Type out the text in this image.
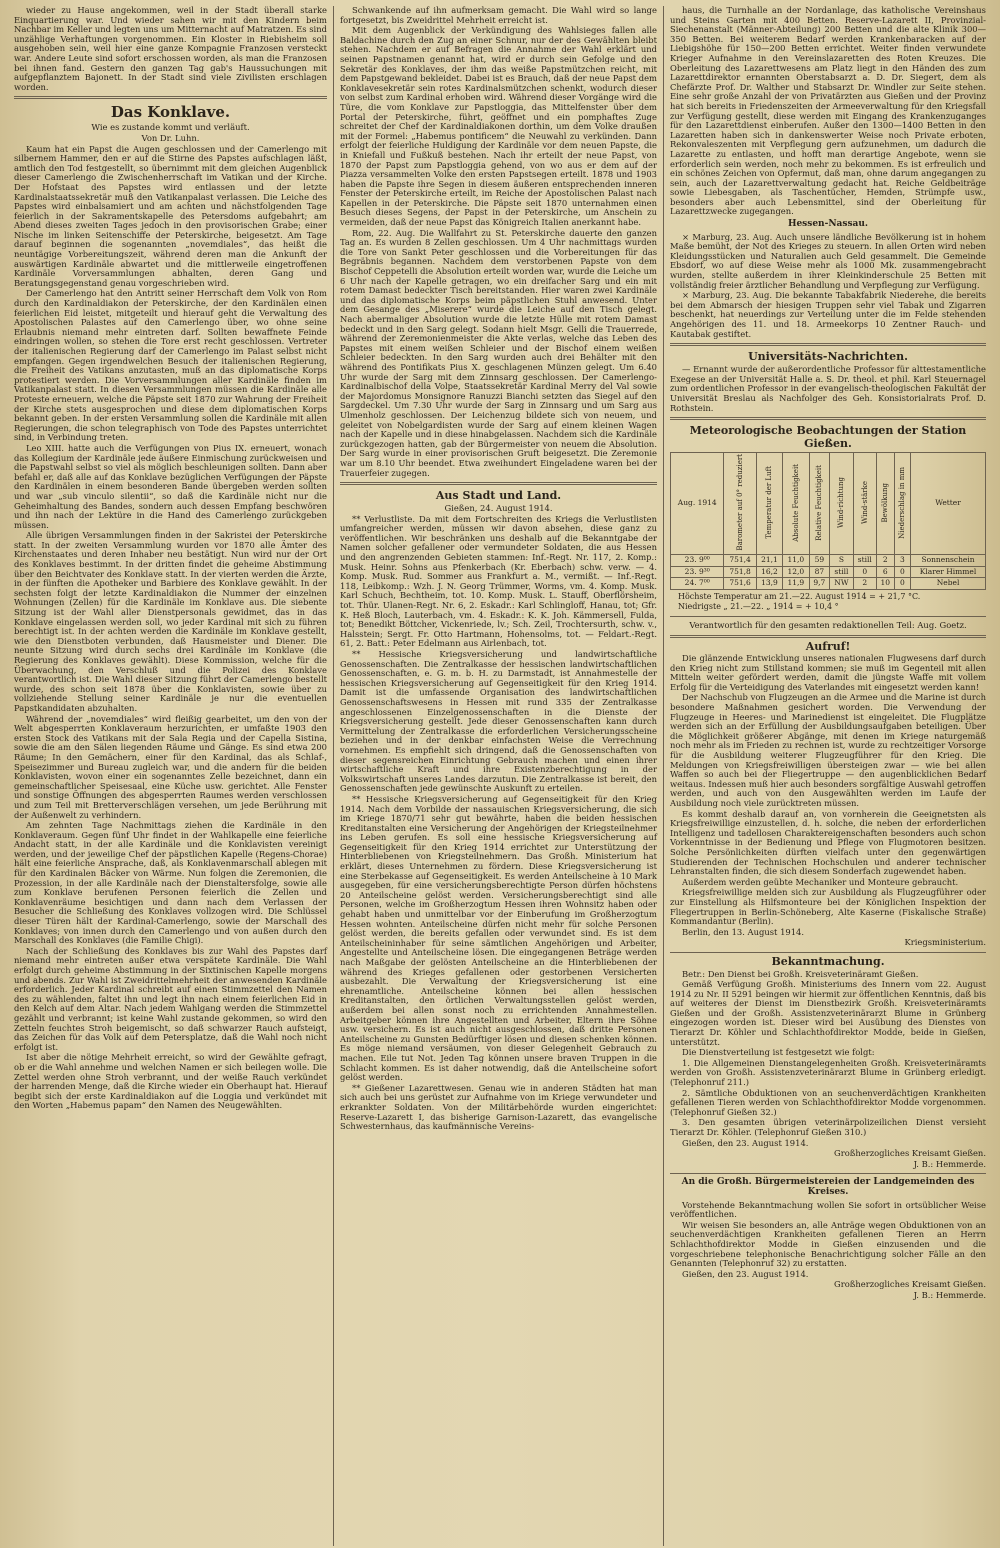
wieder zu Hause angekommen, weil in der Stadt überall starke Einquartierung war. Und wieder sahen wir mit den Kindern beim Nachbar im Keller und legten uns um Mitternacht auf Matratzen. Es sind unzählige Verhaftungen vorgenommen. Ein Kloster in Riebisheim soll ausgehoben sein, weil hier eine ganze Kompagnie Franzosen versteckt war. Andere Leute sind sofort erschossen worden, als man die Franzosen bei ihnen fand. Gestern den ganzen Tag gab's Haussuchungen mit aufgepflanztem Bajonett. In der Stadt sind viele Zivilisten erschlagen worden.

Das Konklave.

Wie es zustande kommt und verläuft.

Von Dr. Luhn.

Kaum hat ein Papst die Augen geschlossen und der Camerlengo mit silbernem Hammer, den er auf die Stirne des Papstes aufschlagen läßt, amtlich den Tod festgestellt, so übernimmt mit dem gleichen Augenblick dieser Camerlengo die Zwischenherrschaft im Vatikan und der Kirche. Der Hofstaat des Papstes wird entlassen und der letzte Kardinalstaatssekretär muß den Vatikanpalast verlassen. Die Leiche des Papstes wird einbalsamiert und am achten und nächstfolgenden Tage feierlich in der Sakramentskapelle des Petersdoms aufgebahrt; am Abend dieses zweiten Tages jedoch in den provisorischen Grabe; einer Nische im linken Seitenschiffe der Peterskirche, beigesetzt. Am Tage darauf beginnen die sogenannten „novemdiales“, das heißt die neuntägige Vorbereitungszeit, während deren man die Ankunft der auswärtigen Kardinäle abwartet und die mittlerweile eingetroffenen Kardinäle Vorversammlungen abhalten, deren Gang und Beratungsgegenstand genau vorgeschrieben wird.

Der Camerlengo hat den Antritt seiner Herrschaft dem Volk von Rom durch den Kardinaldiakon der Peterskirche, der den Kardinälen einen feierlichen Eid leistet, mitgeteilt und hierauf geht die Verwaltung des Apostolischen Palastes auf den Camerlengo über, wo ohne seine Erlaubnis niemand mehr eintreten darf. Sollten bewaffnete Feinde eindringen wollen, so stehen die Tore erst recht geschlossen. Vertreter der italienischen Regierung darf der Camerlengo im Palast selbst nicht empfangen. Gegen irgendwelchen Besuch der italienischen Regierung, die Freiheit des Vatikans anzutasten, muß an das diplomatische Korps protestiert werden. Die Vorversammlungen aller Kardinäle finden im Vatikanpalast statt. In diesen Versammlungen müssen die Kardinäle alle Proteste erneuern, welche die Päpste seit 1870 zur Wahrung der Freiheit der Kirche stets ausgesprochen und diese dem diplomatischen Korps bekannt geben. In der ersten Versammlung sollen die Kardinäle mit allen Regierungen, die schon telegraphisch von Tode des Papstes unterrichtet sind, in Verbindung treten.

Leo XIII. hatte auch die Verfügungen von Pius IX. erneuert, wonach das Kollegium der Kardinäle jede äußere Einmischung zurückweisen und die Papstwahl selbst so viel als möglich beschleunigen sollten. Dann aber befahl er, daß alle auf das Konklave bezüglichen Verfügungen der Päpste den Kardinälen in einem besonderen Bande übergeben werden sollten und war „sub vinculo silentii“, so daß die Kardinäle nicht nur die Geheimhaltung des Bandes, sondern auch dessen Empfang beschwören und ihn nach der Lektüre in die Hand des Camerlengo zurückgeben müssen.

Alle übrigen Versammlungen finden in der Sakristei der Peterskirche statt. In der zweiten Versammlung wurden vor 1870 alle Ämter des Kirchenstaates und deren Inhaber neu bestätigt. Nun wird nur der Ort des Konklaves bestimmt. In der dritten findet die geheime Abstimmung über den Beichtvater des Konklave statt. In der vierten werden die Ärzte, in der fünften die Apotheker und Barbiere des Konklave gewählt. In der sechsten folgt der letzte Kardinaldiakon die Nummer der einzelnen Wohnungen (Zellen) für die Kardinäle im Konklave aus. Die siebente Sitzung ist der Wahl aller Dienstpersonals gewidmet, das in das Konklave eingelassen werden soll, wo jeder Kardinal mit sich zu führen berechtigt ist. In der achten werden die Kardinäle im Konklave gestellt, wie den Dienstboten verbunden, daß Hausmeister und Diener. Die neunte Sitzung wird durch sechs drei Kardinäle im Konklave (die Regierung des Konklaves gewählt). Diese Kommission, welche für die Überwachung, den Verschluß und die Polizei des Konklave verantwortlich ist. Die Wahl dieser Sitzung führt der Camerlengo bestellt wurde, des schon seit 1878 über die Konklavisten, sowie über zu vollziehende Stellung seiner Kardinäle je nur die eventuellen Papstkandidaten abzuhalten.

Während der „novemdiales“ wird fleißig gearbeitet, um den von der Welt abgesperrten Konklaveraum herzurichten, er umfaßte 1903 den ersten Stock des Vatikans mit der Sala Regia und der Capella Sistina, sowie die am den Sälen liegenden Räume und Gänge. Es sind etwa 200 Räume; In den Gemächern, einer für den Kardinal, das als Schlaf-, Speisezimmer und Bureau zugleich war, und die andern für die beiden Konklavisten, wovon einer ein sogenanntes Zelle bezeichnet, dann ein gemeinschaftlicher Speisesaal, eine Küche usw. gerichtet. Alle Fenster und sonstige Öffnungen des abgesperrten Raumes werden verschlossen und zum Teil mit Bretterverschlägen versehen, um jede Berührung mit der Außenwelt zu verhindern.

Am zehnten Tage Nachmittags ziehen die Kardinäle in den Konklaveraum. Gegen fünf Uhr findet in der Wahlkapelle eine feierliche Andacht statt, in der alle Kardinäle und die Konklavisten vereinigt werden, und der jeweilige Chef der päpstlichen Kapelle (Regens-Chorae) hält eine feierliche Ansprache, daß, als Konklavenmarschall ablegen mit für den Kardinalen Bäcker von Wärme. Nun folgen die Zeremonien, die Prozession, in der alle Kardinäle nach der Dienstaltersfolge, sowie alle zum Konklave berufenen Personen feierlich die Zellen und Konklavenräume besichtigen und dann nach dem Verlassen der Besucher die Schließung des Konklaves vollzogen wird. Die Schlüssel dieser Türen hält der Kardinal-Camerlengo, sowie der Marschall des Konklaves; von innen durch den Camerlengo und von außen durch den Marschall des Konklaves (die Familie Chigi).

Nach der Schließung des Konklaves bis zur Wahl des Papstes darf niemand mehr eintreten außer etwa verspätete Kardinäle. Die Wahl erfolgt durch geheime Abstimmung in der Sixtinischen Kapelle morgens und abends. Zur Wahl ist Zweidrittelmehrheit der anwesenden Kardinäle erforderlich. Jeder Kardinal schreibt auf einen Stimmzettel den Namen des zu wählenden, faltet ihn und legt ihn nach einem feierlichen Eid in den Kelch auf dem Altar. Nach jedem Wahlgang werden die Stimmzettel gezählt und verbrannt; ist keine Wahl zustande gekommen, so wird den Zetteln feuchtes Stroh beigemischt, so daß schwarzer Rauch aufsteigt, das Zeichen für das Volk auf dem Petersplatze, daß die Wahl noch nicht erfolgt ist.

Ist aber die nötige Mehrheit erreicht, so wird der Gewählte gefragt, ob er die Wahl annehme und welchen Namen er sich beilegen wolle. Die Zettel werden ohne Stroh verbrannt, und der weiße Rauch verkündet der harrenden Menge, daß die Kirche wieder ein Oberhaupt hat. Hierauf begibt sich der erste Kardinaldiakon auf die Loggia und verkündet mit den Worten „Habemus papam“ den Namen des Neugewählten.

Schwankende auf ihn aufmerksam gemacht. Die Wahl wird so lange fortgesetzt, bis Zweidrittel Mehrheit erreicht ist.

Mit dem Augenblick der Verkündigung des Wahlsieges fallen alle Baldachine durch den Zug an einer Schnur, nur der des Gewählten bleibt stehen. Nachdem er auf Befragen die Annahme der Wahl erklärt und seinen Papstnamen genannt hat, wird er durch sein Gefolge und den Sekretär des Konklaves, der ihm das weiße Papstmützchen reicht, mit dem Papstgewand bekleidet. Dabei ist es Brauch, daß der neue Papst dem Konklavesekretär sein rotes Kardinalsmützchen schenkt, wodurch dieser von selbst zum Kardinal erhoben wird. Während dieser Vorgänge wird die Türe, die vom Konklave zur Papstloggia, das Mittelfenster über dem Portal der Peterskirche, führt, geöffnet und ein pomphaftes Zuge schreitet der Chef der Kardinaldiakonen dorthin, um dem Volke draußen mit der Formel: „Habemus pontificem“ die Neuwahl zu verkünden. Dann erfolgt der feierliche Huldigung der Kardinäle vor dem neuen Papste, die in Kniefall und Fußkuß bestehen. Nach ihr erteilt der neue Papst, von 1870 der Papst zum Papstloggia gehend, von wo aus er dem auf der Piazza versammelten Volke den ersten Papstsegen erteilt. 1878 und 1903 haben die Papste ihre Segen in diesem äußeren entsprechenden inneren Fenster der Peterskirche erteilt, im Reiche der Apostolischen Palast nach Kapellen in der Peterskirche. Die Päpste seit 1870 unternahmen einen Besuch dieses Segens, der Papst in der Peterskirche, um Anschein zu vermeiden, daß der neue Papst das Königreich Italien anerkannt habe.

Rom, 22. Aug. Die Wallfahrt zu St. Peterskirche dauerte den ganzen Tag an. Es wurden 8 Zellen geschlossen. Um 4 Uhr nachmittags wurden die Tore von Sankt Peter geschlossen und die Vorbereitungen für das Begräbnis begannen. Nachdem dem verstorbenen Papste von dem Bischof Ceppetelli die Absolution erteilt worden war, wurde die Leiche um 6 Uhr nach der Kapelle getragen, wo ein dreifacher Sarg und ein mit rotem Damast bedeckter Tisch bereitstanden. Hier waren zwei Kardinäle und das diplomatische Korps beim päpstlichen Stuhl anwesend. Unter dem Gesange des „Miserere“ wurde die Leiche auf den Tisch gelegt. Nach abermaliger Absolution wurde die letzte Hülle mit rotem Damast bedeckt und in den Sarg gelegt. Sodann hielt Msgr. Gelli die Trauerrede, während der Zeremonienmeister die Akte verlas, welche das Leben des Papstes mit einem weißen Schleier und der Bischof einem weißen Schleier bedeckten. In den Sarg wurden auch drei Behälter mit den während des Pontifikats Pius X. geschlagenen Münzen gelegt. Um 6.40 Uhr wurde der Sarg mit dem Zinnsarg geschlossen. Der Camerlengo-Kardinalbischof della Volpe, Staatssekretär Kardinal Merry del Val sowie der Majordomus Monsignore Ranuzzi Bianchi setzten das Siegel auf den Sargdeckel. Um 7.30 Uhr wurde der Sarg in Zinnsarg und um Sarg aus Ulmenholz geschlossen. Der Leichenzug bildete sich von neuem, und geleitet von Nobelgardisten wurde der Sarg auf einem kleinen Wagen nach der Kapelle und in diese hinabgelassen. Nachdem sich die Kardinäle zurückgezogen hatten, gab der Bürgermeister von neuem die Absolution. Der Sarg wurde in einer provisorischen Gruft beigesetzt. Die Zeremonie war um 8.10 Uhr beendet. Etwa zweihundert Eingeladene waren bei der Trauerfeier zugegen.

Aus Stadt und Land.

Gießen, 24. August 1914.

** Verlustliste. Da mit dem Fortschreiten des Kriegs die Verlustlisten umfangreicher werden, müssen wir davon absehen, diese ganz zu veröffentlichen. Wir beschränken uns deshalb auf die Bekanntgabe der Namen solcher gefallener oder vermundeter Soldaten, die aus Hessen und den angrenzenden Gebieten stammen: Inf.-Regt. Nr. 117, 2. Komp.: Musk. Heinr. Sohns aus Pfenkerbach (Kr. Eberbach) schw. verw. — 4. Komp. Musk. Rud. Sommer aus Frankfurt a. M., vermißt. — Inf.-Regt. 118, Leibkomp.: Wzh. J. N. Georg Trümmer, Worms, vm. 4. Komp. Musk. Karl Schuch, Bechtheim, tot. 10. Komp. Musk. L. Stauff, Oberflörsheim, tot. Thür. Ulanen-Regt. Nr. 6, 2. Eskadr.: Karl Schlingloff, Hanau, tot; Gfr. K. Heß Bloch, Lauterbach, vm. 4. Eskadr.: K. K. Joh. Kämmersell, Fulda, tot; Benedikt Böttcher, Vickenriede, lv.; Sch. Zeil, Trochtersurth, schw. v., Halsstein; Sergt. Fr. Otto Hartmann, Hohensolms, tot. — Feldart.-Regt. 61, 2. Batt.: Peter Edelmann aus Airlenbach, tot.

** Hessische Kriegsversicherung und landwirtschaftliche Genossenschaften. Die Zentralkasse der hessischen landwirtschaftlichen Genossenschaften, e. G. m. b. H. zu Darmstadt, ist Annahmestelle der hessischen Kriegsversicherung auf Gegenseitigkeit für den Krieg 1914. Damit ist die umfassende Organisation des landwirtschaftlichen Genossenschaftswesens in Hessen mit rund 335 der Zentralkasse angeschlossenen Einzelgenossenschaften in die Dienste der Kriegsversicherung gestellt. Jede dieser Genossenschaften kann durch Vermittelung der Zentralkasse die erforderlichen Versicherungsscheine beziehen und in der denkbar einfachsten Weise die Verrechnung vornehmen. Es empfiehlt sich dringend, daß die Genossenschaften von dieser segensreichen Einrichtung Gebrauch machen und einen ihrer wirtschaftliche Kraft und ihre Existenzberechtigung in der Volkswirtschaft unseres Landes darzutun. Die Zentralkasse ist bereit, den Genossenschaften jede gewünschte Auskunft zu erteilen.

** Hessische Kriegsversicherung auf Gegenseitigkeit für den Krieg 1914. Nach dem Vorbilde der nassauischen Kriegsversicherung, die sich im Kriege 1870/71 sehr gut bewährte, haben die beiden hessischen Kreditanstalten eine Versicherung der Angehörigen der Kriegsteilnehmer ins Leben gerufen. Es soll eine hessische Kriegsversicherung auf Gegenseitigkeit für den Krieg 1914 errichtet zur Unterstützung der Hinterbliebenen von Kriegsteilnehmern. Das Großh. Ministerium hat erklärt, dieses Unternehmen zu fördern. Diese Kriegsversicherung ist eine Sterbekasse auf Gegenseitigkeit. Es werden Anteilscheine à 10 Mark ausgegeben, für eine versicherungsberechtigte Person dürfen höchstens 20 Anteilscheine gelöst werden. Versicherungsberechtigt sind alle Personen, welche im Großherzogtum Hessen ihren Wohnsitz haben oder gehabt haben und unmittelbar vor der Einberufung im Großherzogtum Hessen wohnten. Anteilscheine dürfen nicht mehr für solche Personen gelöst werden, die bereits gefallen oder verwundet sind. Es ist dem Anteilscheininhaber für seine sämtlichen Angehörigen und Arbeiter, Angestellte und Anteilscheine lösen. Die eingegangenen Beträge werden nach Maßgabe der gelösten Anteilscheine an die Hinterbliebenen der während des Krieges gefallenen oder gestorbenen Versicherten ausbezahlt. Die Verwaltung der Kriegsversicherung ist eine ehrenamtliche. Anteilscheine können bei allen hessischen Kreditanstalten, den örtlichen Verwaltungsstellen gelöst werden, außerdem bei allen sonst noch zu errichtenden Annahmestellen. Arbeitgeber können ihre Angestellten und Arbeiter, Eltern ihre Söhne usw. versichern. Es ist auch nicht ausgeschlossen, daß dritte Personen Anteilscheine zu Gunsten Bedürftiger lösen und diesen schenken können. Es möge niemand versäumen, von dieser Gelegenheit Gebrauch zu machen. Eile tut Not. Jeden Tag können unsere braven Truppen in die Schlacht kommen. Es ist daher notwendig, daß die Anteilscheine sofort gelöst werden.

** Gießener Lazarettwesen. Genau wie in anderen Städten hat man sich auch bei uns gerüstet zur Aufnahme von im Kriege verwundeter und erkrankter Soldaten. Von der Militärbehörde wurden eingerichtet: Reserve-Lazarett I, das bisherige Garnison-Lazarett, das evangelische Schwesternhaus, das kaufmännische Vereins-

haus, die Turnhalle an der Nordanlage, das katholische Vereinshaus und Steins Garten mit 400 Betten. Reserve-Lazarett II, Provinzial-Siechenanstalt (Männer-Abteilung) 200 Betten und die alte Klinik 300—350 Betten. Bei weiterem Bedarf werden Krankenbaracken auf der Liebigshöhe für 150—200 Betten errichtet. Weiter finden verwundete Krieger Aufnahme in den Vereinslazaretten des Roten Kreuzes. Die Oberleitung des Lazarettwesens am Platz liegt in den Händen des zum Lazarettdirektor ernannten Oberstabsarzt a. D. Dr. Siegert, dem als Chefärzte Prof. Dr. Walther und Stabsarzt Dr. Windler zur Seite stehen. Eine sehr große Anzahl der von Privatärzten aus Gießen und der Provinz hat sich bereits in Friedenszeiten der Armeeverwaltung für den Kriegsfall zur Verfügung gestellt, diese werden mit Eingang des Krankenzuganges für den Lazarettdienst einberufen. Außer den 1300—1400 Betten in den Lazaretten haben sich in dankenswerter Weise noch Private erboten, Rekonvaleszenten mit Verpflegung gern aufzunehmen, um dadurch die Lazarette zu entlasten, und hofft man derartige Angebote, wenn sie erforderlich sein werden, noch mehr zu bekommen. Es ist erfreulich und ein schönes Zeichen von Opfermut, daß man, ohne darum angegangen zu sein, auch der Lazarettverwaltung gedacht hat. Reiche Geldbeiträge sowie Liebesgaben, als Taschentücher, Hemden, Strümpfe usw., besonders aber auch Lebensmittel, sind der Oberleitung für Lazarettzwecke zugegangen.

Hessen-Nassau.

× Marburg, 23. Aug. Auch unsere ländliche Bevölkerung ist in hohem Maße bemüht, der Not des Krieges zu steuern. In allen Orten wird neben Kleidungsstücken und Naturalien auch Geld gesammelt. Die Gemeinde Ebsdorf, wo auf diese Weise mehr als 1000 Mk. zusammengebracht wurden, stellte außerdem in ihrer Kleinkinderschule 25 Betten mit vollständig freier ärztlicher Behandlung und Verpflegung zur Verfügung.

× Marburg, 23. Aug. Die bekannte Tabakfabrik Niederehe, die bereits bei dem Abmarsch der hiesigen Truppen sehr viel Tabak und Zigarren beschenkt, hat neuerdings zur Verteilung unter die im Felde stehenden Angehörigen des 11. und 18. Armeekorps 10 Zentner Rauch- und Kautabak gestiftet.

Universitäts-Nachrichten.

— Ernannt wurde der außerordentliche Professor für alttestamentliche Exegese an der Universität Halle a. S. Dr. theol. et phil. Karl Steuernagel zum ordentlichen Professor in der evangelisch-theologischen Fakultät der Universität Breslau als Nachfolger des Geh. Konsistorialrats Prof. D. Rothstein.

Meteorologische Beobachtungen der Station Gießen.
Aug. 1914	Barometer auf 0° reduziert	Temperatur der Luft	Absolute Feuchtigkeit	Relative Feuchtigkeit	Wind-richtung	Wind-stärke	Bewölkung	Niederschlag in mm	Wetter
23. 9⁰⁰	751,4	21,1	11,0	59	S	still	2	3	Sonnenschein
23. 9³⁰	751,8	16,2	12,0	87	still	0	6	0	Klarer Himmel
24. 7⁰⁰	751,6	13,9	11,9	9,7	NW	2	10	0	Nebel

Höchste Temperatur am 21.—22. August 1914 = + 21,7 °C.

Niedrigste „ 21.—22. „ 1914 = + 10,4 °

Verantwortlich für den gesamten redaktionellen Teil: Aug. Goetz.

Aufruf!

Die glänzende Entwicklung unseres nationalen Flugwesens darf durch den Krieg nicht zum Stillstand kommen; sie muß im Gegenteil mit allen Mitteln weiter gefördert werden, damit die jüngste Waffe mit vollem Erfolg für die Verteidigung des Vaterlandes mit eingesetzt werden kann!

Der Nachschub von Flugzeugen an die Armee und die Marine ist durch besondere Maßnahmen gesichert worden. Die Verwendung der Flugzeuge in Heeres- und Marinedienst ist eingeleitet. Die Flugplätze werden sich an der Erfüllung der Ausbildungsaufgaben beteiligen. Über die Möglichkeit größerer Abgänge, mit denen im Kriege naturgemäß noch mehr als im Frieden zu rechnen ist, wurde zu rechtzeitiger Vorsorge für die Ausbildung weiterer Flugzeugführer für den Krieg. Die Meldungen von Kriegsfreiwilligen übersteigen zwar — wie bei allen Waffen so auch bei der Fliegertruppe — den augenblicklichen Bedarf weitaus. Indessen muß hier auch besonders sorgfältige Auswahl getroffen werden, und auch von den Ausgewählten werden im Laufe der Ausbildung noch viele zurücktreten müssen.

Es kommt deshalb darauf an, von vornherein die Geeignetsten als Kriegsfreiwillige einzustellen, d. h. solche, die neben der erforderlichen Intelligenz und tadellosen Charaktereigenschaften besonders auch schon Vorkenntnisse in der Bedienung und Pflege von Flugmotoren besitzen. Solche Persönlichkeiten dürften vielfach unter den gegenwärtigen Studierenden der Technischen Hochschulen und anderer technischer Lehranstalten finden, die sich diesem Sonderfach zugewendet haben.

Außerdem werden geübte Mechaniker und Monteure gebraucht.

Kriegsfreiwillige melden sich zur Ausbildung als Flugzeugführer oder zur Einstellung als Hilfsmonteure bei der Königlichen Inspektion der Fliegertruppen in Berlin-Schöneberg, Alte Kaserne (Fiskalische Straße) Kommandantur (Berlin).

Berlin, den 13. August 1914.

Kriegsministerium.

Bekanntmachung.

Betr.: Den Dienst bei Großh. Kreisveterinäramt Gießen.

Gemäß Verfügung Großh. Ministeriums des Innern vom 22. August 1914 zu Nr. II 5291 beingen wir hiermit zur öffentlichen Kenntnis, daß bis auf weiteres der Dienst im Dienstbezirk Großh. Kreisveterinäramts Gießen und der Großh. Assistenzveterinärarzt Blume in Grünberg eingezogen worden ist. Dieser wird bei Ausübung des Dienstes von Tierarzt Dr. Köhler und Schlachthofdirektor Modde, beide in Gießen, unterstützt.

Die Dienstverteilung ist festgesetzt wie folgt:

1. Die Allgemeinen Dienstangelegenheiten Großh. Kreisveterinäramts werden von Großh. Assistenzveterinärarzt Blume in Grünberg erledigt. (Telephonruf 211.)

2. Sämtliche Obduktionen von an seuchenverdächtigen Krankheiten gefallenen Tieren werden von Schlachthofdirektor Modde vorgenommen. (Telephonruf Gießen 32.)

3. Den gesamten übrigen veterinärpolizeilichen Dienst versieht Tierarzt Dr. Köhler. (Telephonruf Gießen 310.)

Gießen, den 23. August 1914.

Großherzogliches Kreisamt Gießen.

J. B.: Hemmerde.

An die Großh. Bürgermeistereien der Landgemeinden des Kreises.

Vorstehende Bekanntmachung wollen Sie sofort in ortsüblicher Weise veröffentlichen.

Wir weisen Sie besonders an, alle Anträge wegen Obduktionen von an seuchenverdächtigen Krankheiten gefallenen Tieren an Herrn Schlachthofdirektor Modde in Gießen einzusenden und die vorgeschriebene telephonische Benachrichtigung solcher Fälle an den Genannten (Telephonruf 32) zu erstatten.

Gießen, den 23. August 1914.

Großherzogliches Kreisamt Gießen.

J. B.: Hemmerde.
